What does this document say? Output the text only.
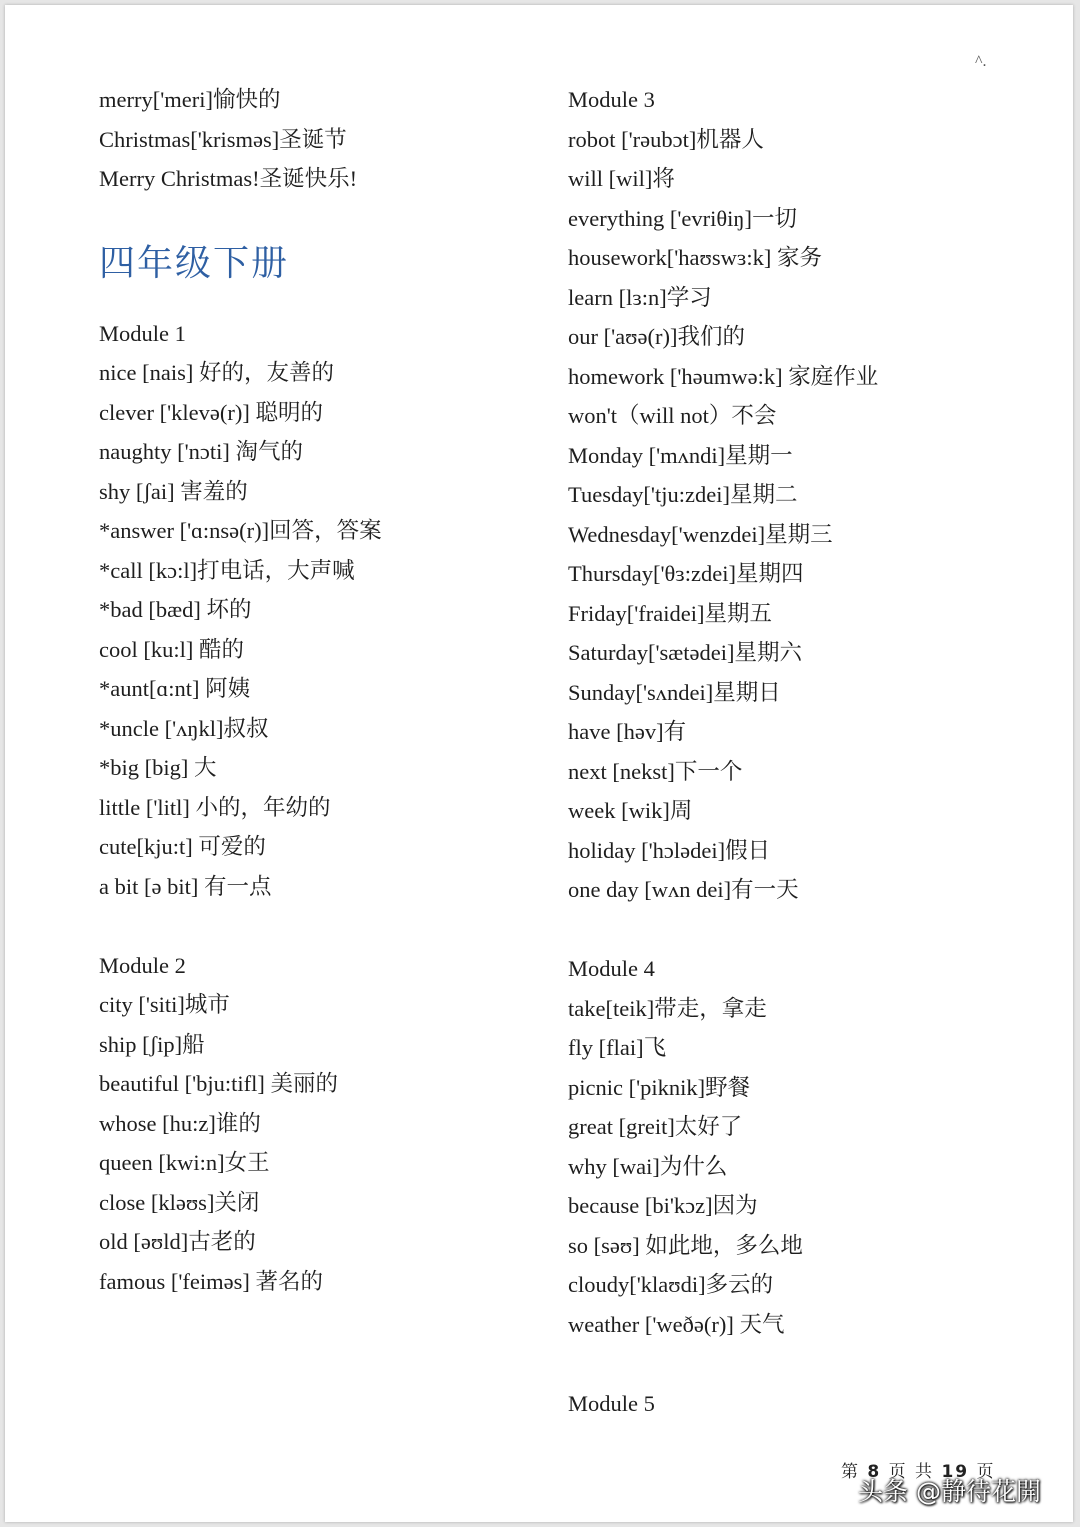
^.
merry['meri]愉快的
Christmas['krismǝs]圣诞节
Merry Christmas!圣诞快乐!
四年级下册
Module 1
nice [nais] 好的，友善的
clever ['klevǝ(r)] 聪明的
naughty ['nɔti] 淘气的
shy [ʃai] 害羞的
*answer ['ɑ:nsǝ(r)]回答，答案
*call [kɔ:l]打电话，大声喊
*bad [bæd] 坏的
cool [ku:l] 酷的
*aunt[ɑ:nt] 阿姨
*uncle ['ʌŋkl]叔叔
*big [big] 大
little ['litl] 小的，年幼的
cute[kju:t] 可爱的
a bit [ǝ bit] 有一点
Module 2
city ['siti]城市
ship [ʃip]船
beautiful ['bju:tifl] 美丽的
whose [hu:z]谁的
queen [kwi:n]女王
close [klǝʊs]关闭
old [ǝʊld]古老的
famous ['feimǝs] 著名的
Module 3
robot ['rǝubɔt]机器人
will [wil]将
everything ['evriθiŋ]一切
housework['haʊswɜ:k] 家务
learn [lɜ:n]学习
our ['aʊǝ(r)]我们的
homework ['hǝumwǝ:k] 家庭作业
won't（will not）不会
Monday ['mʌndi]星期一
Tuesday['tju:zdei]星期二
Wednesday['wenzdei]星期三
Thursday['θɜ:zdei]星期四
Friday['fraidei]星期五
Saturday['sætǝdei]星期六
Sunday['sʌndei]星期日
have [hǝv]有
next [nekst]下一个
week [wik]周
holiday ['hɔlǝdei]假日
one day [wʌn dei]有一天
Module 4
take[teik]带走，拿走
fly [flai]飞
picnic ['piknik]野餐
great [greit]太好了
why [wai]为什么
because [bi'kɔz]因为
so [sǝʊ] 如此地，多么地
cloudy['klaʊdi]多云的
weather ['weðǝ(r)] 天气
Module 5
第 8 页 共 19 页
头条 @静待花開
